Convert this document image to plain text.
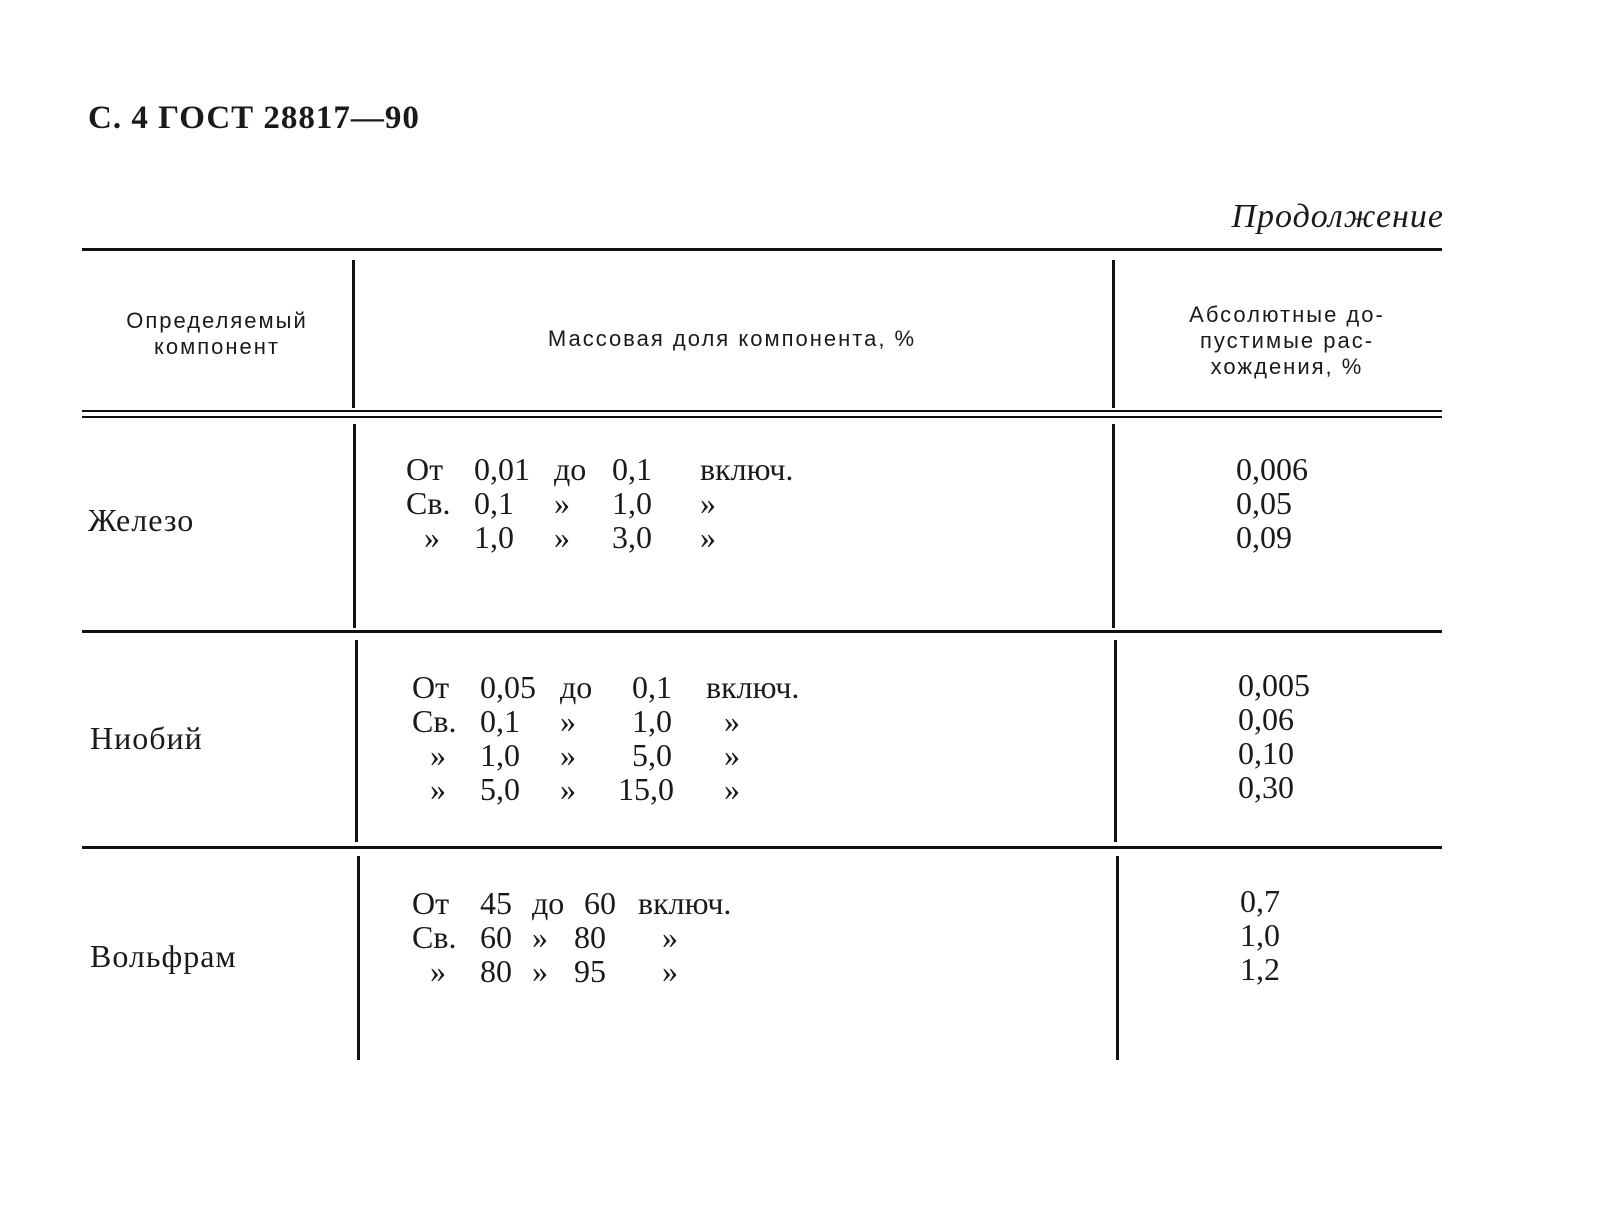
С. 4 ГОСТ 28817—90
Продолжение
Определяемый компонент	Массовая доля компонента, %
Абсолютные до-пустимые рас-хождения, %
Железо
От 0,01 до 0,1 включ.
Св. 0,1 » 1,0 »
» 1,0 » 3,0 »
0,006
0,05
0,09
Ниобий
От 0,05 до 0,1 включ.
Св. 0,1 » 1,0 »
» 1,0 » 5,0 »
» 5,0 » 15,0 »
0,005
0,06
0,10
0,30
Вольфрам
От 45 до 60 включ.
Св. 60 » 80 »
» 80 » 95 »
0,7
1,0
1,2
